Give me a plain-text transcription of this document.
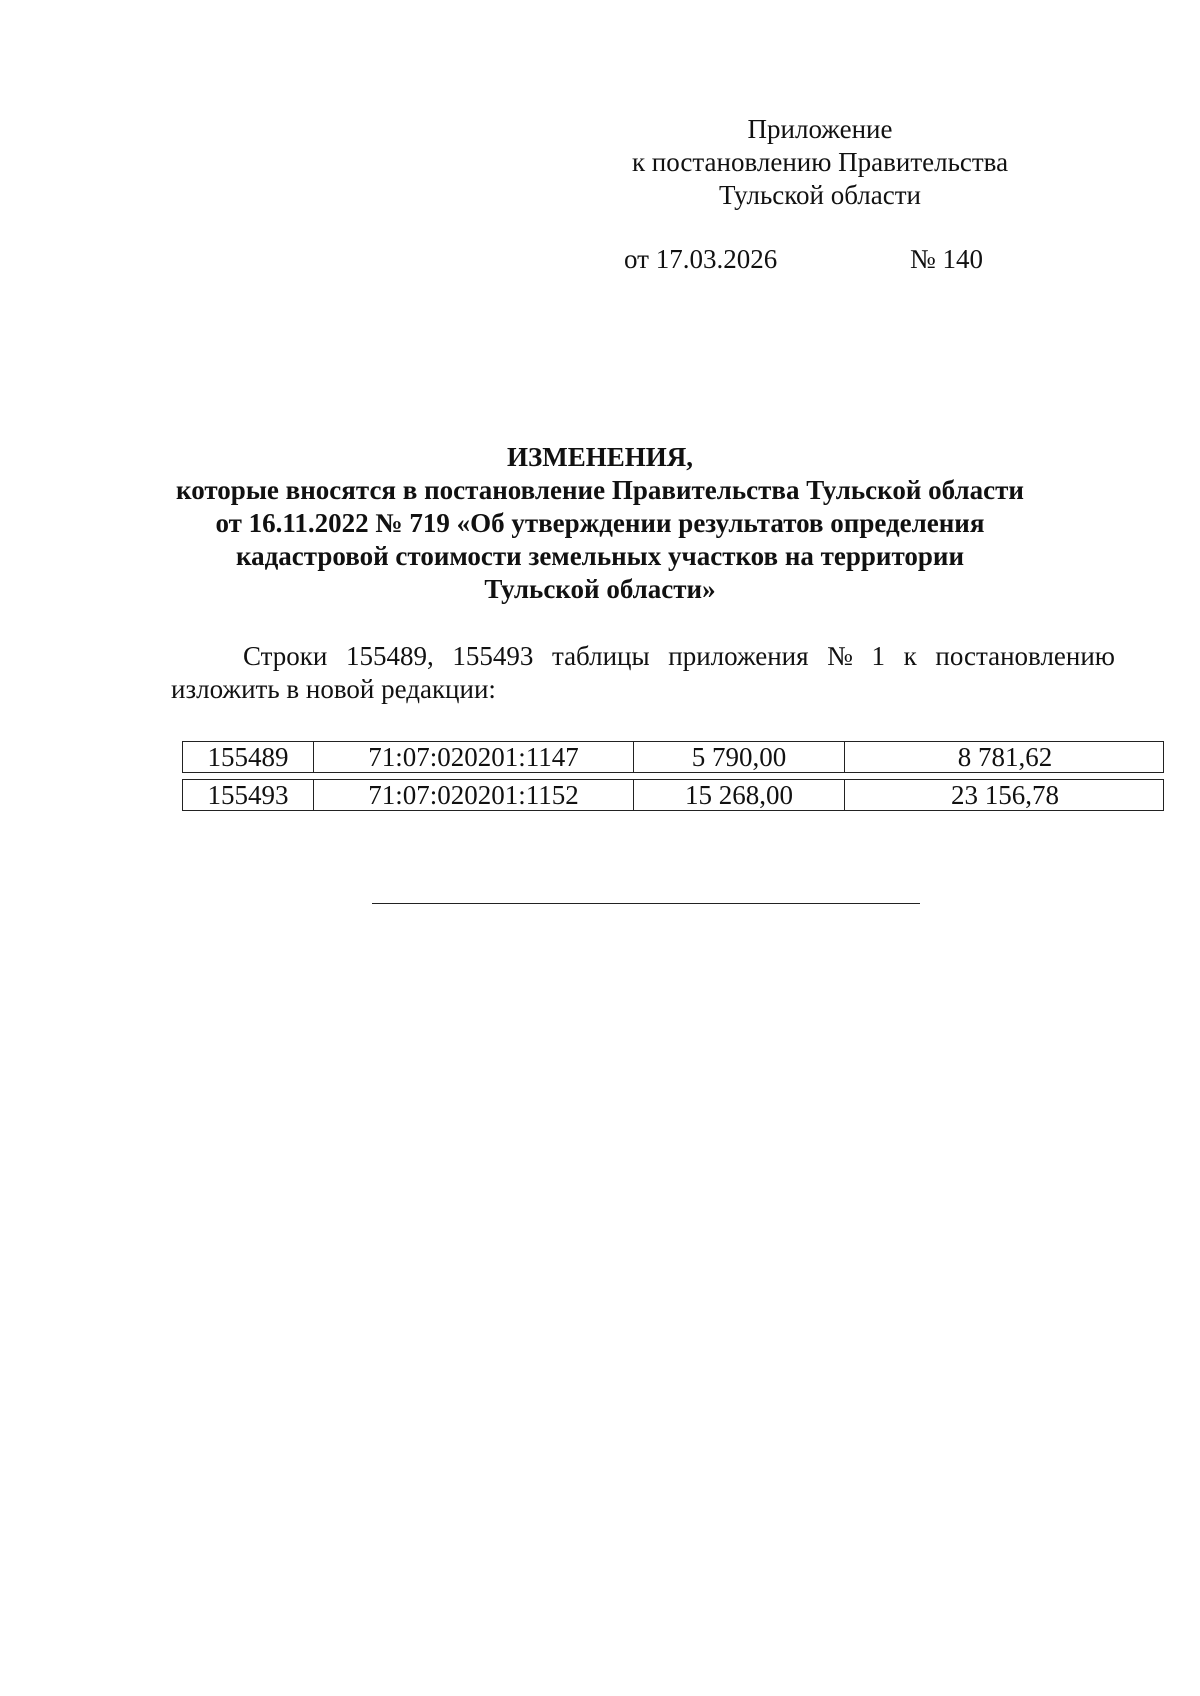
Приложение
к постановлению Правительства
Тульской области
от 17.03.2026	№ 140
ИЗМЕНЕНИЯ,
которые вносятся в постановление Правительства Тульской области
от 16.11.2022 № 719 «Об утверждении результатов определения
кадастровой стоимости земельных участков на территории
Тульской области»
Строки 155489, 155493 таблицы приложения № 1 к постановлению
изложить в новой редакции:
155489	71:07:020201:1147	5 790,00	8 781,62
155493	71:07:020201:1152	15 268,00	23 156,78
